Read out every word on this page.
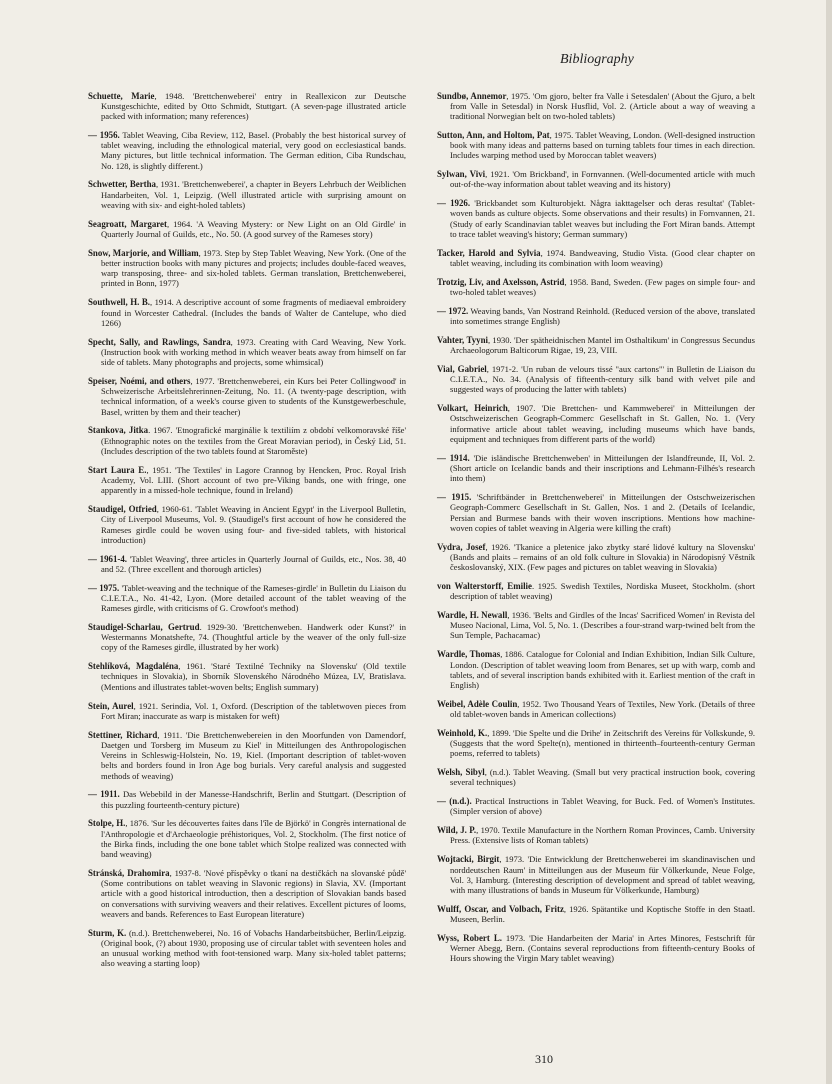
Bibliography

Schuette, Marie, 1948. 'Brettchenweberei' entry in Reallexicon zur Deutsche Kunstgeschichte, edited by Otto Schmidt, Stuttgart. (A seven-page illustrated article packed with information; many references)

— 1956. Tablet Weaving, Ciba Review, 112, Basel. (Probably the best historical survey of tablet weaving, including the ethnological material, very good on ecclesiastical bands. Many pictures, but little technical information. The German edition, Ciba Rundschau, No. 128, is slightly different.)

Schwetter, Bertha, 1931. 'Brettchenweberei', a chapter in Beyers Lehrbuch der Weiblichen Handarbeiten, Vol. 1, Leipzig. (Well illustrated article with surprising amount on weaving with six- and eight-holed tablets)

Seagroatt, Margaret, 1964. 'A Weaving Mystery: or New Light on an Old Girdle' in Quarterly Journal of Guilds, etc., No. 50. (A good survey of the Rameses story)

Snow, Marjorie, and William, 1973. Step by Step Tablet Weaving, New York. (One of the better instruction books with many pictures and projects; includes double-faced weaves, warp transposing, three- and six-holed tablets. German translation, Brettchenweberei, printed in Bonn, 1977)

Southwell, H. B., 1914. A descriptive account of some fragments of mediaeval embroidery found in Worcester Cathedral. (Includes the bands of Walter de Cantelupe, who died 1266)

Specht, Sally, and Rawlings, Sandra, 1973. Creating with Card Weaving, New York. (Instruction book with working method in which weaver beats away from himself on far side of tablets. Many photographs and projects, some whimsical)

Speiser, Noémi, and others, 1977. 'Brettchenweberei, ein Kurs bei Peter Collingwood' in Schweizerische Arbeitslehrerinnen-Zeitung, No. 11. (A twenty-page description, with technical information, of a week's course given to students of the Kunstgewerbeschule, Basel, written by them and their teacher)

Stankova, Jitka. 1967. 'Etnografické marginálie k textiliím z období velkomoravské říše' (Ethnographic notes on the textiles from the Great Moravian period), in Český Lid, 51. (Includes description of the two tablets found at Staroměste)

Start Laura E., 1951. 'The Textiles' in Lagore Crannog by Hencken, Proc. Royal Irish Academy, Vol. LIII. (Short account of two pre-Viking bands, one with fringe, one apparently in a missed-hole technique, found in Ireland)

Staudigel, Otfried, 1960-61. 'Tablet Weaving in Ancient Egypt' in the Liverpool Bulletin, City of Liverpool Museums, Vol. 9. (Staudigel's first account of how he considered the Rameses girdle could be woven using four- and five-sided tablets, with historical introduction)

— 1961-4. 'Tablet Weaving', three articles in Quarterly Journal of Guilds, etc., Nos. 38, 40 and 52. (Three excellent and thorough articles)

— 1975. 'Tablet-weaving and the technique of the Rameses-girdle' in Bulletin du Liaison du C.I.E.T.A., No. 41-42, Lyon. (More detailed account of the tablet weaving of the Rameses girdle, with criticisms of G. Crowfoot's method)

Staudigel-Scharlau, Gertrud. 1929-30. 'Brettchenweben. Handwerk oder Kunst?' in Westermanns Monatshefte, 74. (Thoughtful article by the weaver of the only full-size copy of the Rameses girdle, illustrated by her work)

Stehlíková, Magdaléna, 1961. 'Staré Textilné Techniky na Slovensku' (Old textile techniques in Slovakia), in Sborník Slovenského Národného Múzea, LV, Bratislava. (Mentions and illustrates tablet-woven belts; English summary)

Stein, Aurel, 1921. Serindia, Vol. 1, Oxford. (Description of the tabletwoven pieces from Fort Miran; inaccurate as warp is mistaken for weft)

Stettiner, Richard, 1911. 'Die Brettchenwebereien in den Moorfunden von Damendorf, Daetgen und Torsberg im Museum zu Kiel' in Mitteilungen des Anthropologischen Vereins in Schleswig-Holstein, No. 19, Kiel. (Important description of tablet-woven belts and borders found in Iron Age bog burials. Very careful analysis and suggested methods of weaving)

— 1911. Das Webebild in der Manesse-Handschrift, Berlin and Stuttgart. (Description of this puzzling fourteenth-century picture)

Stolpe, H., 1876. 'Sur les découvertes faites dans l'île de Björkö' in Congrès international de l'Anthropologie et d'Archaeologie préhistoriques, Vol. 2, Stockholm. (The first notice of the Birka finds, including the one bone tablet which Stolpe realized was connected with band weaving)

Stránská, Drahomira, 1937-8. 'Nové příspěvky o tkaní na destičkách na slovanské půdě' (Some contributions on tablet weaving in Slavonic regions) in Slavia, XV. (Important article with a good historical introduction, then a description of Slovakian bands based on conversations with surviving weavers and their relatives. Excellent pictures of looms, weavers and bands. References to East European literature)

Sturm, K. (n.d.). Brettchenweberei, No. 16 of Vobachs Handarbeitsbücher, Berlin/Leipzig. (Original book, (?) about 1930, proposing use of circular tablet with seventeen holes and an unusual working method with foot-tensioned warp. Many six-holed tablet patterns; also weaving a starting loop)

Sundbø, Annemor, 1975. 'Om gjoro, belter fra Valle i Setesdalen' (About the Gjuro, a belt from Valle in Setesdal) in Norsk Husflid, Vol. 2. (Article about a way of weaving a traditional Norwegian belt on two-holed tablets)

Sutton, Ann, and Holtom, Pat, 1975. Tablet Weaving, London. (Well-designed instruction book with many ideas and patterns based on turning tablets four times in each direction. Includes warping method used by Moroccan tablet weavers)

Sylwan, Vivi, 1921. 'Om Brickband', in Fornvannen. (Well-documented article with much out-of-the-way information about tablet weaving and its history)

— 1926. 'Brickbandet som Kulturobjekt. Några iakttagelser och deras resultat' (Tablet-woven bands as culture objects. Some observations and their results) in Fornvannen, 21. (Study of early Scandinavian tablet weaves but including the Fort Miran bands. Attempt to trace tablet weaving's history; German summary)

Tacker, Harold and Sylvia, 1974. Bandweaving, Studio Vista. (Good clear chapter on tablet weaving, including its combination with loom weaving)

Trotzig, Liv, and Axelsson, Astrid, 1958. Band, Sweden. (Few pages on simple four- and two-holed tablet weaves)

— 1972. Weaving bands, Van Nostrand Reinhold. (Reduced version of the above, translated into sometimes strange English)

Vahter, Tyyni, 1930. 'Der spätheidnischen Mantel im Osthaltikum' in Congressus Secundus Archaeologorum Balticorum Rigae, 19, 23, VIII.

Vial, Gabriel, 1971-2. 'Un ruban de velours tissé "aux cartons"' in Bulletin de Liaison du C.I.E.T.A., No. 34. (Analysis of fifteenth-century silk band with velvet pile and suggested ways of producing the latter with tablets)

Volkart, Heinrich, 1907. 'Die Brettchen- und Kammweberei' in Mitteilungen der Ostschweizerischen Geograph-Commerc Gesellschaft in St. Gallen, No. 1. (Very informative article about tablet weaving, including museums which have bands, equipment and techniques from different parts of the world)

— 1914. 'Die isländische Brettchenweben' in Mitteilungen der Islandfreunde, II, Vol. 2. (Short article on Icelandic bands and their inscriptions and Lehmann-Filhés's research into them)

— 1915. 'Schriftbänder in Brettchenweberei' in Mitteilungen der Ostschweizerischen Geograph-Commerc Gesellschaft in St. Gallen, Nos. 1 and 2. (Details of Icelandic, Persian and Burmese bands with their woven inscriptions. Mentions how machine-woven copies of tablet weaving in Algeria were killing the craft)

Vydra, Josef, 1926. 'Tkanice a pletenice jako zbytky staré lidové kultury na Slovensku' (Bands and plaits – remains of an old folk culture in Slovakia) in Národopisný Věstník českoslovanský, XIX. (Few pages and pictures on tablet weaving in Slovakia)

von Walterstorff, Emilie. 1925. Swedish Textiles, Nordiska Museet, Stockholm. (short description of tablet weaving)

Wardle, H. Newall, 1936. 'Belts and Girdles of the Incas' Sacrificed Women' in Revista del Museo Nacional, Lima, Vol. 5, No. 1. (Describes a four-strand warp-twined belt from the Sun Temple, Pachacamac)

Wardle, Thomas, 1886. Catalogue for Colonial and Indian Exhibition, Indian Silk Culture, London. (Description of tablet weaving loom from Benares, set up with warp, comb and tablets, and of several inscription bands exhibited with it. Earliest mention of the craft in English)

Weibel, Adèle Coulin, 1952. Two Thousand Years of Textiles, New York. (Details of three old tablet-woven bands in American collections)

Weinhold, K., 1899. 'Die Spelte und die Drihe' in Zeitschrift des Vereins für Volkskunde, 9. (Suggests that the word Spelte(n), mentioned in thirteenth–fourteenth-century German poems, referred to tablets)

Welsh, Sibyl, (n.d.). Tablet Weaving. (Small but very practical instruction book, covering several techniques)

— (n.d.). Practical Instructions in Tablet Weaving, for Buck. Fed. of Women's Institutes. (Simpler version of above)

Wild, J. P., 1970. Textile Manufacture in the Northern Roman Provinces, Camb. University Press. (Extensive lists of Roman tablets)

Wojtacki, Birgit, 1973. 'Die Entwicklung der Brettchenweberei im skandinavischen und norddeutschen Raum' in Mitteilungen aus der Museum für Völkerkunde, Neue Folge, Vol. 3, Hamburg. (Interesting description of development and spread of tablet weaving, with many illustrations of bands in Museum für Völkerkunde, Hamburg)

Wulff, Oscar, and Volbach, Fritz, 1926. Spätantike und Koptische Stoffe in den Staatl. Museen, Berlin.

Wyss, Robert L. 1973. 'Die Handarbeiten der Maria' in Artes Minores, Festschrift für Werner Abegg, Bern. (Contains several reproductions from fifteenth-century Books of Hours showing the Virgin Mary tablet weaving)

310
